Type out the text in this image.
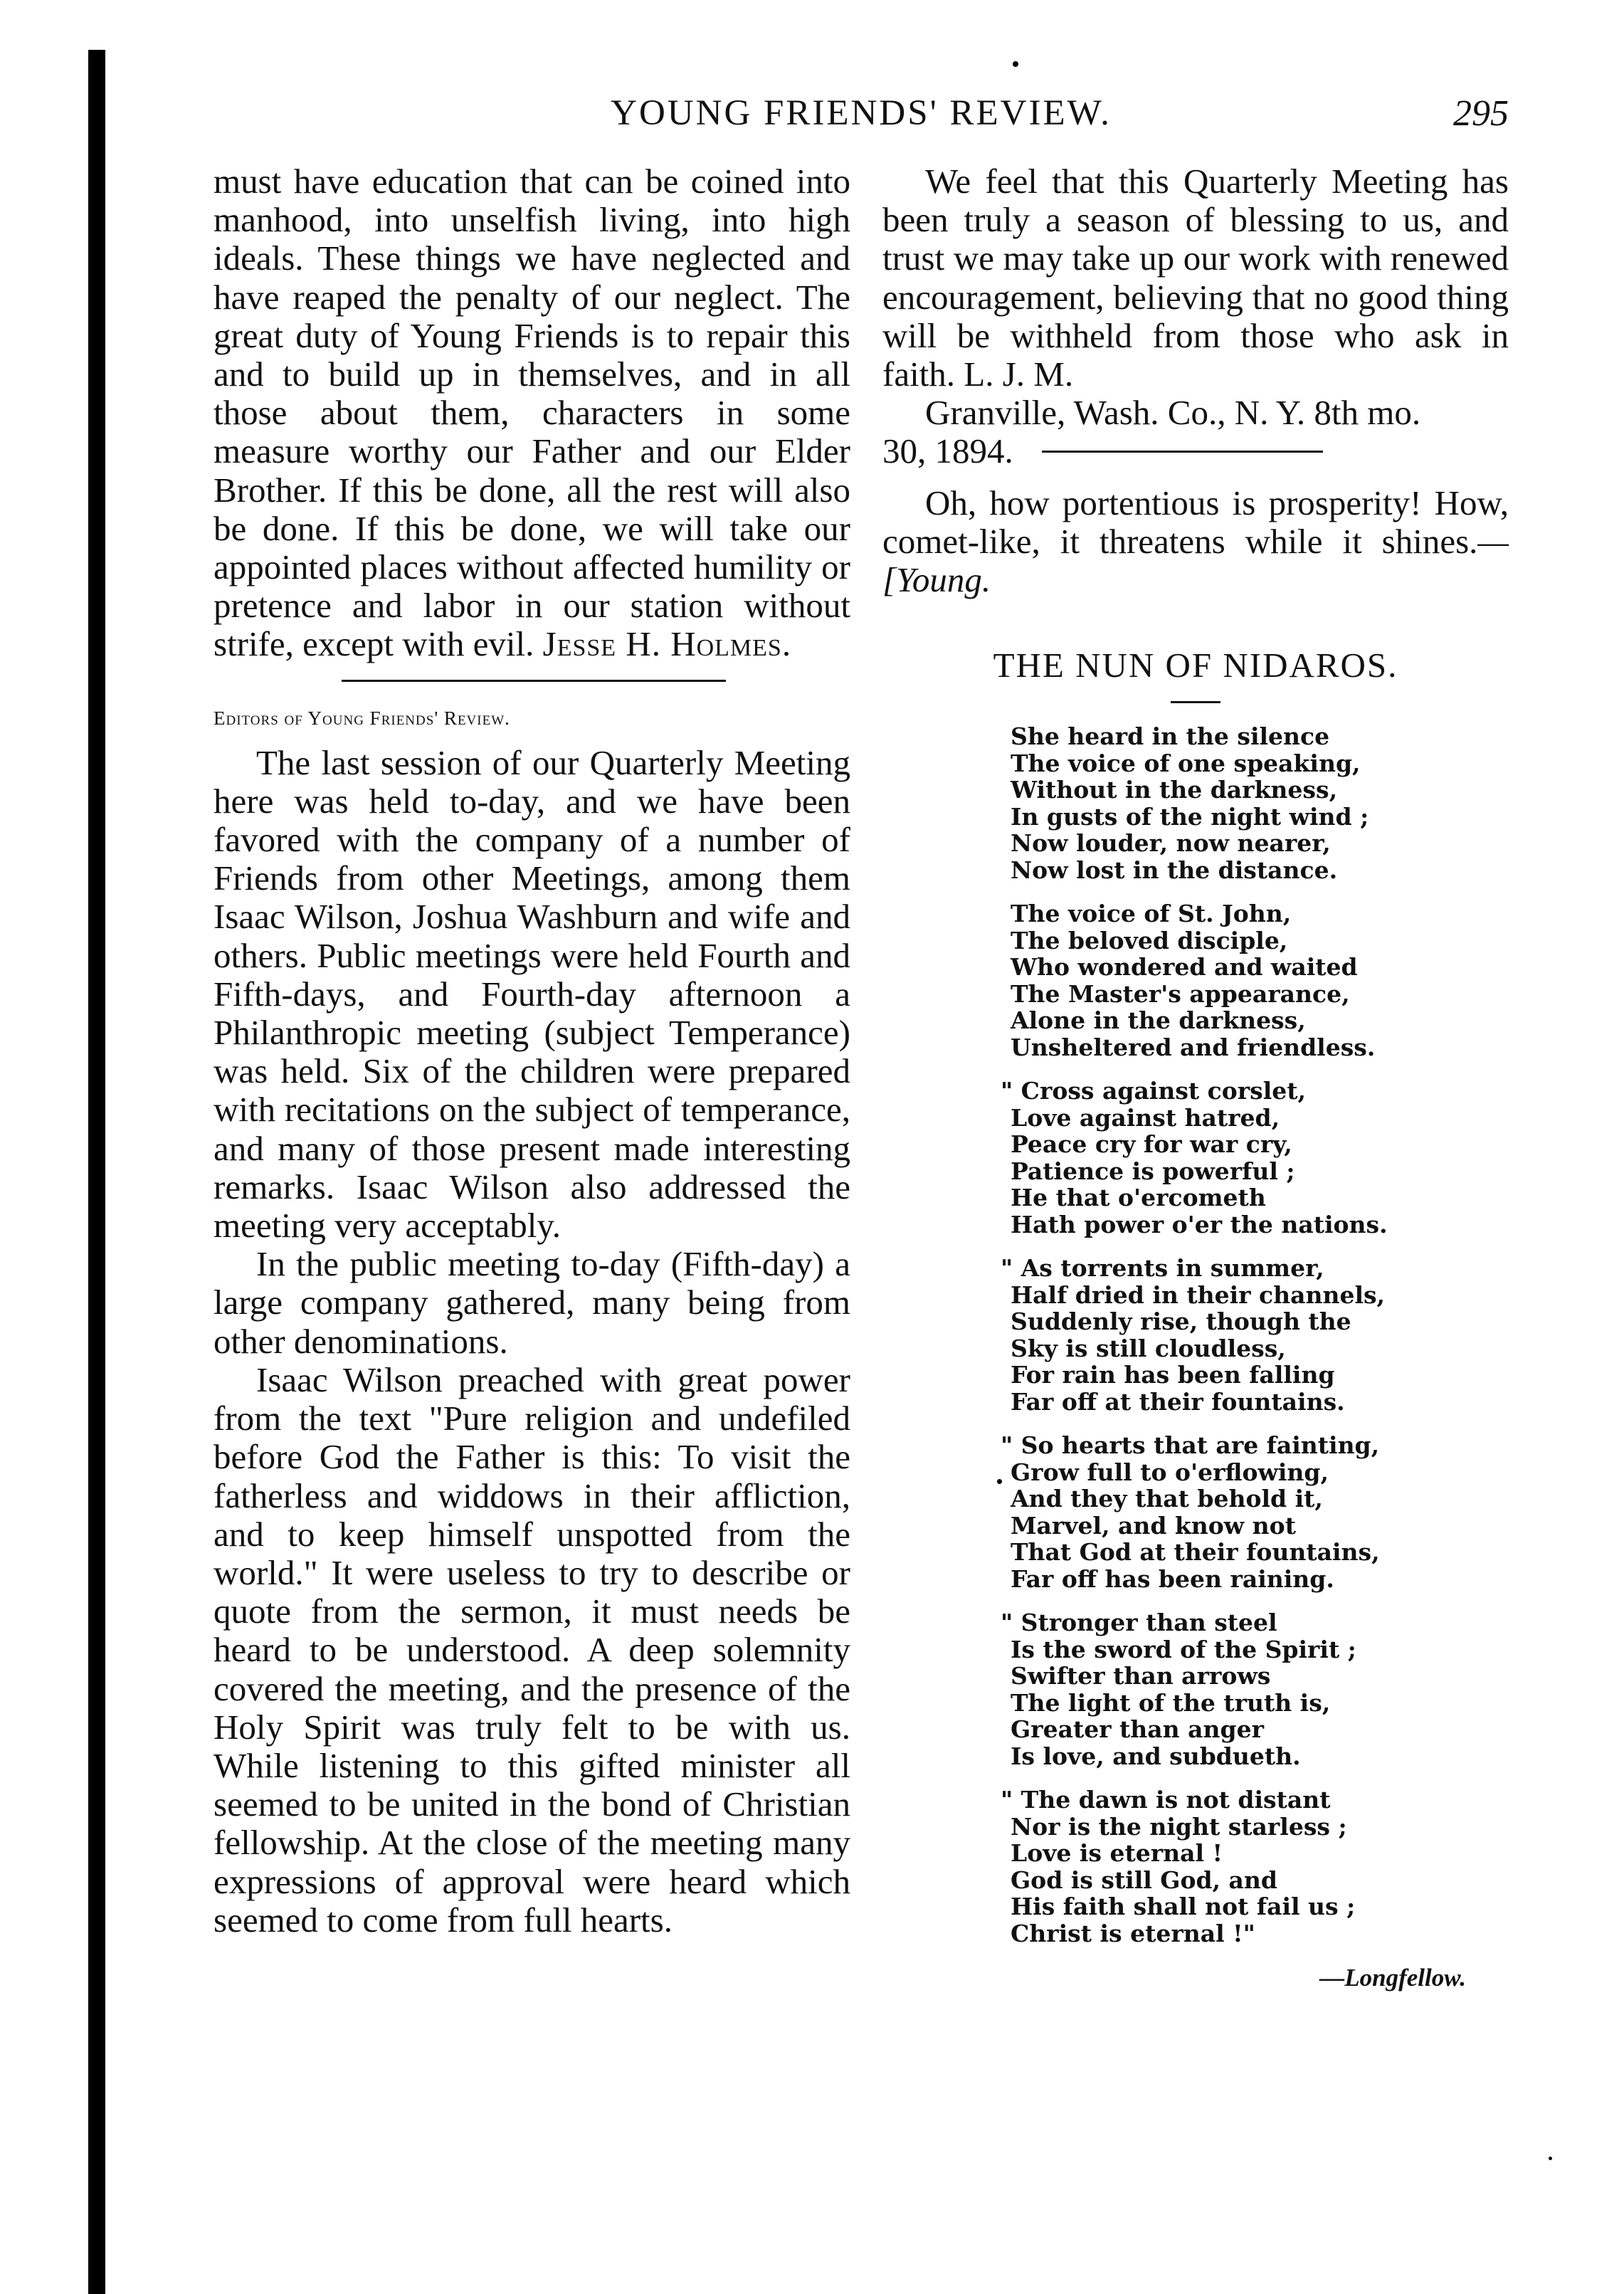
YOUNG FRIENDS' REVIEW.	295

must have education that can be coined into manhood, into unselfish living, into high ideals. These things we have neglected and have reaped the penalty of our neglect. The great duty of Young Friends is to repair this and to build up in themselves, and in all those about them, characters in some measure worthy our Father and our Elder Brother. If this be done, all the rest will also be done. If this be done, we will take our appointed places without affected humility or pretence and labor in our station without strife, except with evil. Jesse H. Holmes.

Editors of Young Friends' Review.

The last session of our Quarterly Meeting here was held to-day, and we have been favored with the company of a number of Friends from other Meetings, among them Isaac Wilson, Joshua Washburn and wife and others. Public meetings were held Fourth and Fifth-days, and Fourth-day afternoon a Philanthropic meeting (subject Temperance) was held. Six of the children were prepared with recitations on the subject of temperance, and many of those present made interesting remarks. Isaac Wilson also addressed the meeting very acceptably.

In the public meeting to-day (Fifth-day) a large company gathered, many being from other denominations.

Isaac Wilson preached with great power from the text "Pure religion and undefiled before God the Father is this: To visit the fatherless and widdows in their affliction, and to keep himself unspotted from the world." It were useless to try to describe or quote from the sermon, it must needs be heard to be understood. A deep solemnity covered the meeting, and the presence of the Holy Spirit was truly felt to be with us. While listening to this gifted minister all seemed to be united in the bond of Christian fellowship. At the close of the meeting many expressions of approval were heard which seemed to come from full hearts.

We feel that this Quarterly Meeting has been truly a season of blessing to us, and trust we may take up our work with renewed encouragement, believing that no good thing will be withheld from those who ask in faith. L. J. M.

Granville, Wash. Co., N. Y. 8th mo.

30, 1894.

Oh, how portentious is prosperity! How, comet-like, it threatens while it shines.—[Young.

THE NUN OF NIDAROS.
She heard in the silence
The voice of one speaking,
Without in the darkness,
In gusts of the night wind ;
Now louder, now nearer,
Now lost in the distance.
The voice of St. John,
The beloved disciple,
Who wondered and waited
The Master's appearance,
Alone in the darkness,
Unsheltered and friendless.
" Cross against corslet,
Love against hatred,
Peace cry for war cry,
Patience is powerful ;
He that o'ercometh
Hath power o'er the nations.
" As torrents in summer,
Half dried in their channels,
Suddenly rise, though the
Sky is still cloudless,
For rain has been falling
Far off at their fountains.
" So hearts that are fainting,
Grow full to o'erflowing,
And they that behold it,
Marvel, and know not
That God at their fountains,
Far off has been raining.
" Stronger than steel
Is the sword of the Spirit ;
Swifter than arrows
The light of the truth is,
Greater than anger
Is love, and subdueth.
" The dawn is not distant
Nor is the night starless ;
Love is eternal !
God is still God, and
His faith shall not fail us ;
Christ is eternal !"
—Longfellow.
